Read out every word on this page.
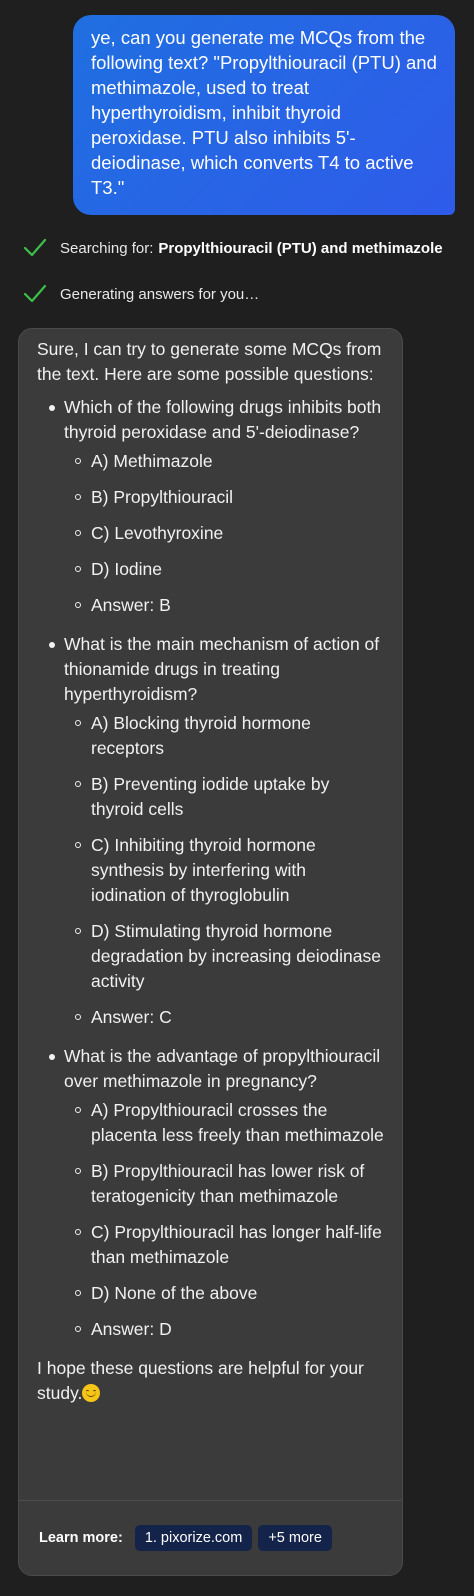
ye, can you generate me MCQs from the following text? "Propylthiouracil (PTU) and methimazole, used to treat hyperthyroidism, inhibit thyroid peroxidase. PTU also inhibits 5'-deiodinase, which converts T4 to active T3."
Searching for: Propylthiouracil (PTU) and methimazole
Generating answers for you…

Sure, I can try to generate some MCQs from the text. Here are some possible questions:

Which of the following drugs inhibits both thyroid peroxidase and 5'-deiodinase?
A) Methimazole
B) Propylthiouracil
C) Levothyroxine
D) Iodine
Answer: B
What is the main mechanism of action of thionamide drugs in treating hyperthyroidism?
A) Blocking thyroid hormone receptors
B) Preventing iodide uptake by thyroid cells
C) Inhibiting thyroid hormone synthesis by interfering with iodination of thyroglobulin
D) Stimulating thyroid hormone degradation by increasing deiodinase activity
Answer: C
What is the advantage of propylthiouracil over methimazole in pregnancy?
A) Propylthiouracil crosses the placenta less freely than methimazole
B) Propylthiouracil has lower risk of teratogenicity than methimazole
C) Propylthiouracil has longer half-life than methimazole
D) None of the above
Answer: D

I hope these questions are helpful for your study.

Learn more:	1. pixorize.com	+5 more
